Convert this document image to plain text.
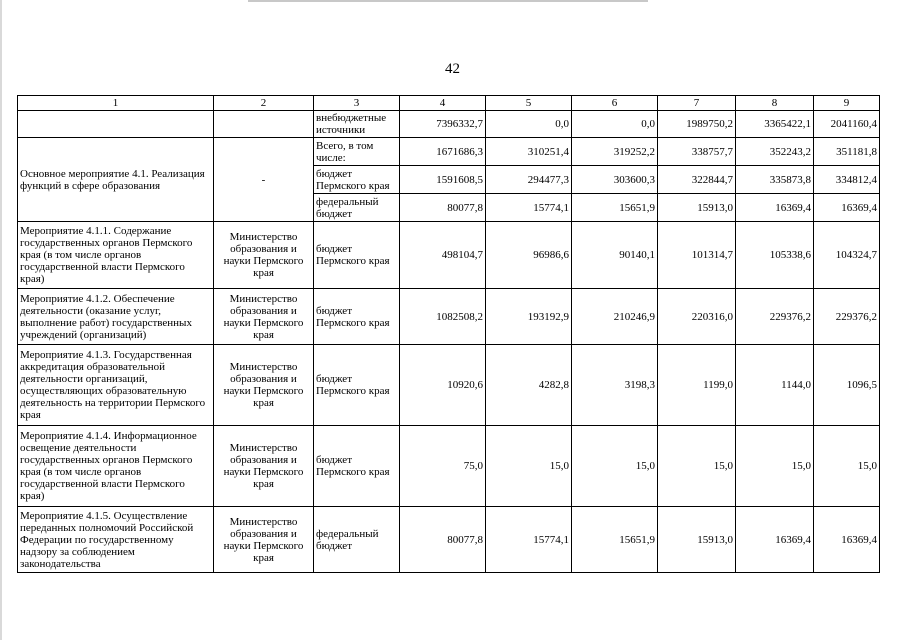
42
1	2	3	4	5	6	7	8	9
		внебюджетные источники	7396332,7	0,0	0,0	1989750,2	3365422,1	2041160,4
Основное мероприятие 4.1. Реализация функций в сфере образования	-	Всего, в том числе:	1671686,3	310251,4	319252,2	338757,7	352243,2	351181,8
		бюджет Пермского края	1591608,5	294477,3	303600,3	322844,7	335873,8	334812,4
		федеральный бюджет	80077,8	15774,1	15651,9	15913,0	16369,4	16369,4
Мероприятие 4.1.1. Содержание государственных органов Пермского края (в том числе органов государственной власти Пермского края)	Министерство образования и науки Пермского края	бюджет Пермского края	498104,7	96986,6	90140,1	101314,7	105338,6	104324,7
Мероприятие 4.1.2. Обеспечение деятельности (оказание услуг, выполнение работ) государственных учреждений (организаций)	Министерство образования и науки Пермского края	бюджет Пермского края	1082508,2	193192,9	210246,9	220316,0	229376,2	229376,2
Мероприятие 4.1.3. Государственная аккредитация образовательной деятельности организаций, осуществляющих образовательную деятельность на территории Пермского края	Министерство образования и науки Пермского края	бюджет Пермского края	10920,6	4282,8	3198,3	1199,0	1144,0	1096,5
Мероприятие 4.1.4. Информационное освещение деятельности государственных органов Пермского края (в том числе органов государственной власти Пермского края)	Министерство образования и науки Пермского края	бюджет Пермского края	75,0	15,0	15,0	15,0	15,0	15,0
Мероприятие 4.1.5. Осуществление переданных полномочий Российской Федерации по государственному надзору за соблюдением законодательства	Министерство образования и науки Пермского края	федеральный бюджет	80077,8	15774,1	15651,9	15913,0	16369,4	16369,4
